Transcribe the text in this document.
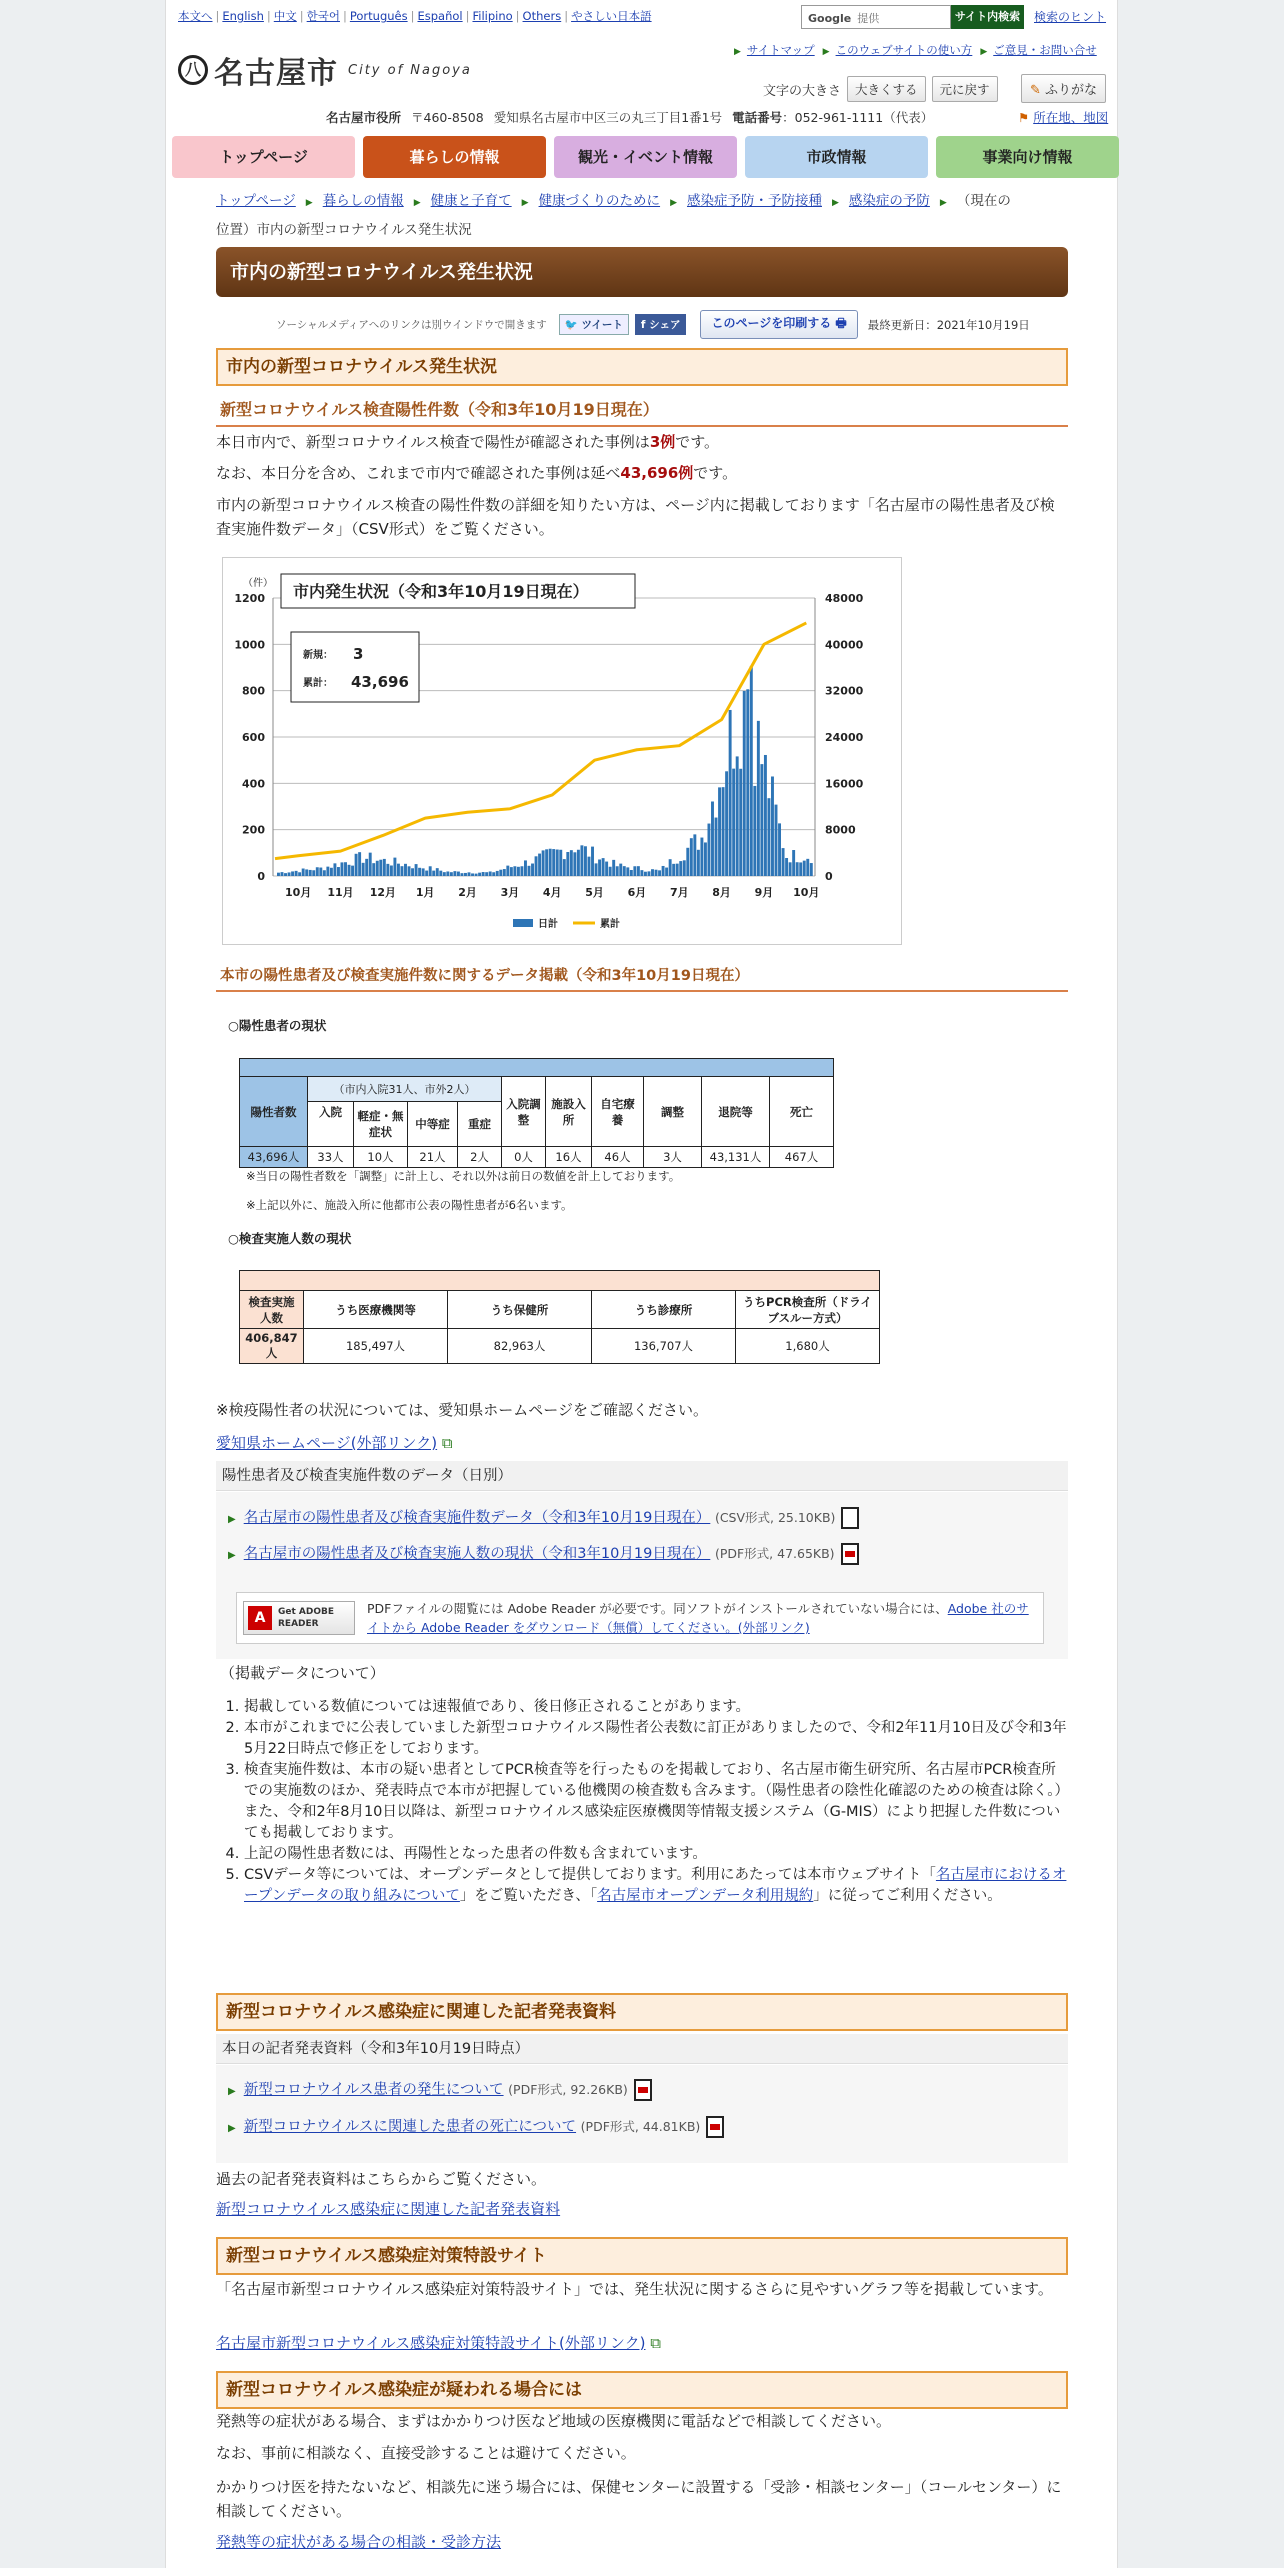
本文へ | English | 中文 | 한국어 | Português | Español | Filipino | Others | やさしい日本語	Google 提供	サイト内検索	検索のヒント
八 名古屋市 City of Nagoya
▶ サイトマップ ▶ このウェブサイトの使い方 ▶ ご意見・お問い合せ
文字の大きさ	大きくする	元に戻す	✎ ふりがな
名古屋市役所 〒460-8508 愛知県名古屋市中区三の丸三丁目1番1号 電話番号：052-961-1111（代表）	⚑ 所在地、地図
トップページ	暮らしの情報	観光・イベント情報	市政情報	事業向け情報
トップページ ▶ 暮らしの情報 ▶ 健康と子育て ▶ 健康づくりのために ▶ 感染症予防・予防接種 ▶ 感染症の予防 ▶ （現在の位置）市内の新型コロナウイルス発生状況
市内の新型コロナウイルス発生状況
ソーシャルメディアへのリンクは別ウインドウで開きます	🐦 ツイート	f シェア	このページを印刷する 🖶	最終更新日：2021年10月19日
市内の新型コロナウイルス発生状況
新型コロナウイルス検査陽性件数（令和3年10月19日現在）
本日市内で、新型コロナウイルス検査で陽性が確認された事例は3例です。
なお、本日分を含め、これまで市内で確認された事例は延べ43,696例です。
市内の新型コロナウイルス検査の陽性件数の詳細を知りたい方は、ページ内に掲載しております「名古屋市の陽性患者及び検査実施件数データ」（CSV形式）をご覧ください。
0	0
200	8000
400	16000
600	24000
800	32000
1000	40000
1200	48000
（件）
10月 11月 12月 1月 2月 3月 4月 5月 6月 7月 8月 9月 10月
市内発生状況（令和3年10月19日現在）
新規： 3
累計： 43,696
日計	累計
本市の陽性患者及び検査実施件数に関するデータ掲載（令和3年10月19日現在）
○陽性患者の現状

陽性者数	（市内入院31人、市外2人）				入院調整	施設入所	自宅療養	調整	退院等	死亡
	入院	軽症・無症状	中等症	重症						
43,696人	33人	10人	21人	2人	0人	16人	46人	3人	43,131人	467人
※当日の陽性者数を「調整」に計上し、それ以外は前日の数値を計上しております。
※上記以外に、施設入所に他都市公表の陽性患者が6名います。
○検査実施人数の現状

検査実施人数	うち医療機関等	うち保健所	うち診療所	うちPCR検査所（ドライブスルー方式）
406,847人	185,497人	82,963人	136,707人	1,680人
※検疫陽性者の状況については、愛知県ホームページをご確認ください。
愛知県ホームページ(外部リンク) ⧉
陽性患者及び検査実施件数のデータ（日別）
▶ 名古屋市の陽性患者及び検査実施件数データ（令和3年10月19日現在） (CSV形式, 25.10KB)
▶ 名古屋市の陽性患者及び検査実施人数の現状（令和3年10月19日現在） (PDF形式, 47.65KB)
A	Get ADOBE READER
PDFファイルの閲覧には Adobe Reader が必要です。同ソフトがインストールされていない場合には、Adobe 社のサイトから Adobe Reader をダウンロード（無償）してください。(外部リンク)
（掲載データについて）
1. 掲載している数値については速報値であり、後日修正されることがあります。
2. 本市がこれまでに公表していました新型コロナウイルス陽性者公表数に訂正がありましたので、令和2年11月10日及び令和3年5月22日時点で修正をしております。
3. 検査実施件数は、本市の疑い患者としてPCR検査等を行ったものを掲載しており、名古屋市衛生研究所、名古屋市PCR検査所での実施数のほか、発表時点で本市が把握している他機関の検査数も含みます。（陽性患者の陰性化確認のための検査は除く。）また、令和2年8月10日以降は、新型コロナウイルス感染症医療機関等情報支援システム（G-MIS）により把握した件数についても掲載しております。
4. 上記の陽性患者数には、再陽性となった患者の件数も含まれています。
5. CSVデータ等については、オープンデータとして提供しております。利用にあたっては本市ウェブサイト「名古屋市におけるオープンデータの取り組みについて」をご覧いただき、「名古屋市オープンデータ利用規約」に従ってご利用ください。
新型コロナウイルス感染症に関連した記者発表資料
本日の記者発表資料（令和3年10月19日時点）
▶ 新型コロナウイルス患者の発生について (PDF形式, 92.26KB)
▶ 新型コロナウイルスに関連した患者の死亡について (PDF形式, 44.81KB)
過去の記者発表資料はこちらからご覧ください。
新型コロナウイルス感染症に関連した記者発表資料
新型コロナウイルス感染症対策特設サイト
「名古屋市新型コロナウイルス感染症対策特設サイト」では、発生状況に関するさらに見やすいグラフ等を掲載しています。
名古屋市新型コロナウイルス感染症対策特設サイト(外部リンク) ⧉
新型コロナウイルス感染症が疑われる場合には
発熱等の症状がある場合、まずはかかりつけ医など地域の医療機関に電話などで相談してください。
なお、事前に相談なく、直接受診することは避けてください。
かかりつけ医を持たないなど、相談先に迷う場合には、保健センターに設置する「受診・相談センター」（コールセンター）に相談してください。
発熱等の症状がある場合の相談・受診方法
